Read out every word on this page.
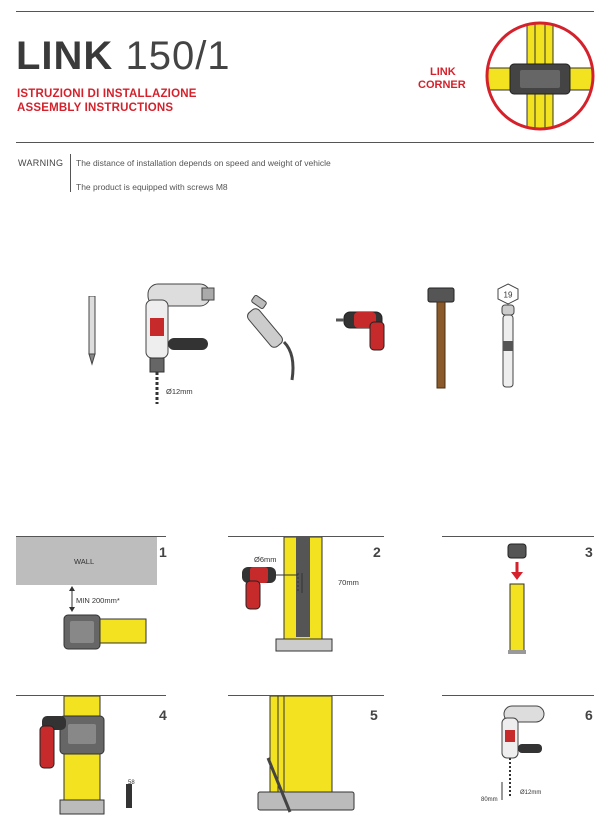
LINK 150/1
ISTRUZIONI DI INSTALLAZIONE
ASSEMBLY INSTRUCTIONS
LINK
CORNER
WARNING The distance of installation depends on speed and weight of vehicle
The product is equipped with screws M8
Ø12mm
19
1
WALL
MIN 200mm*
2
Ø6mm
70mm
3
4
58
5	6
80mm
Ø12mm
